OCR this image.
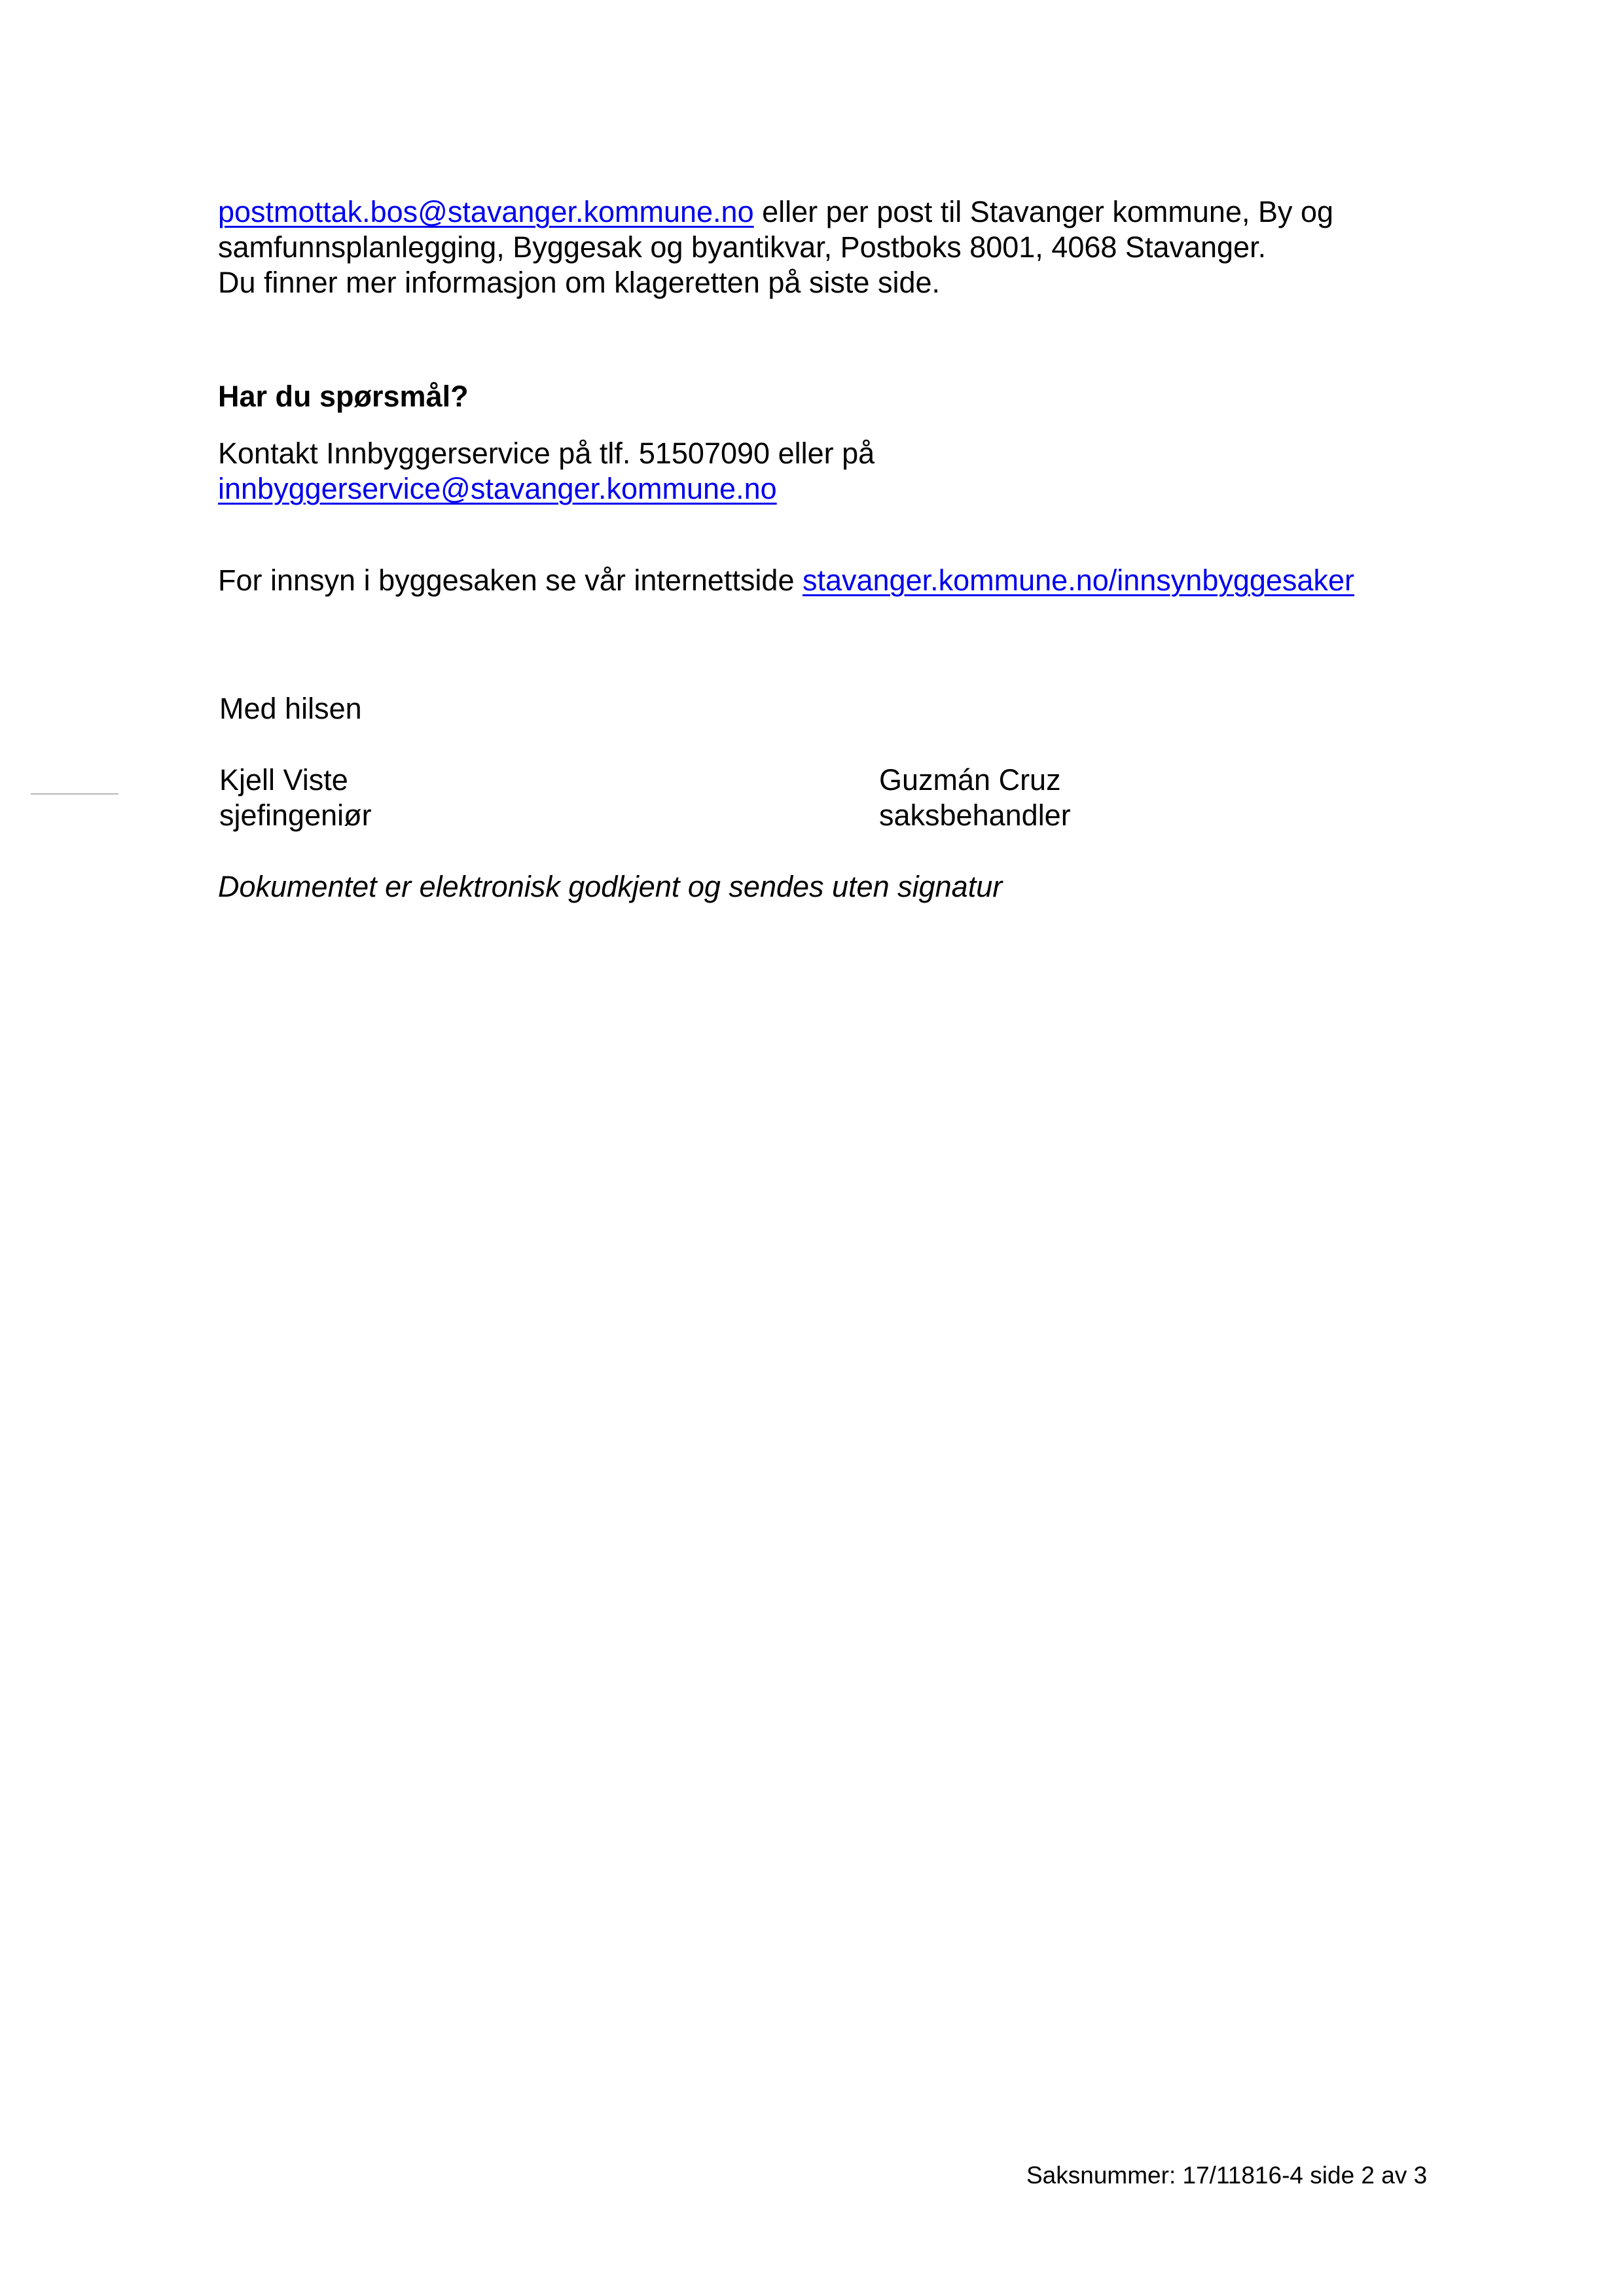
postmottak.bos@stavanger.kommune.no eller per post til Stavanger kommune, By og

samfunnsplanlegging, Byggesak og byantikvar, Postboks 8001, 4068 Stavanger.

Du finner mer informasjon om klageretten på siste side.

Har du spørsmål?

Kontakt Innbyggerservice på tlf. 51507090 eller på

innbyggerservice@stavanger.kommune.no

For innsyn i byggesaken se vår internettside stavanger.kommune.no/innsynbyggesaker

Med hilsen

Kjell Viste

sjefingeniør

Guzmán Cruz

saksbehandler

Dokumentet er elektronisk godkjent og sendes uten signatur

Saksnummer: 17/11816-4 side 2 av 3
